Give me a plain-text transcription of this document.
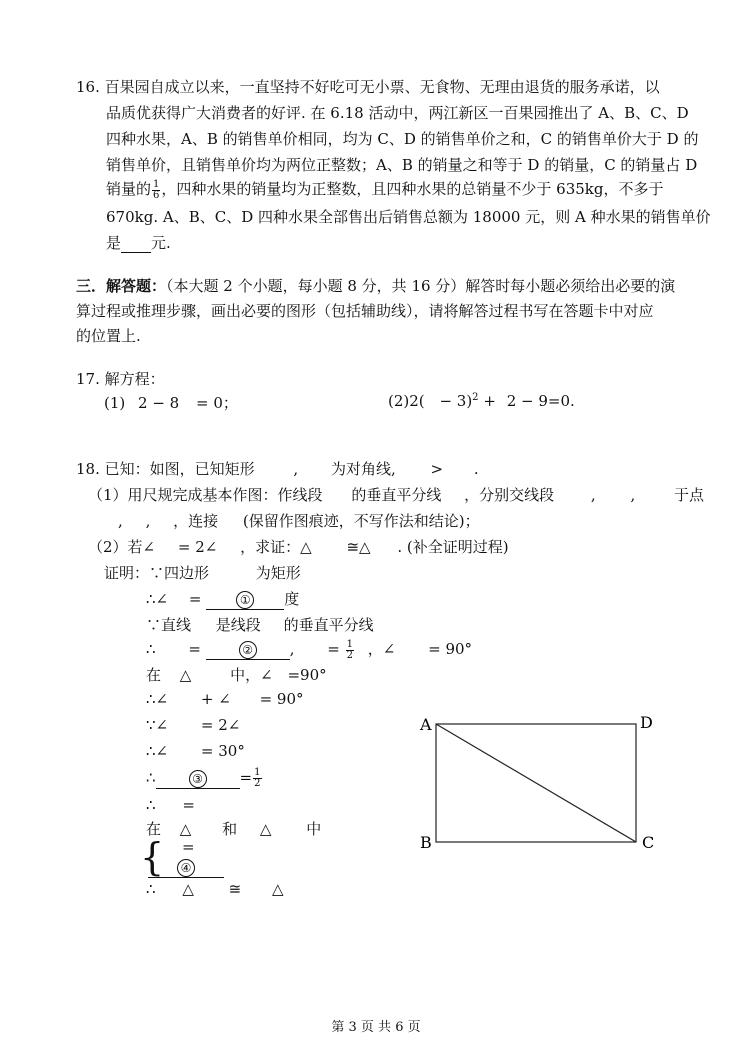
16. 百果园自成立以来，一直坚持不好吃可无小票、无食物、无理由退货的服务承诺，以
品质优获得广大消费者的好评. 在 6.18 活动中，两江新区一百果园推出了 A、B、C、D
四种水果，A、B 的销售单价相同，均为 C、D 的销售单价之和，C 的销售单价大于 D 的
销售单价，且销售单价均为两位正整数；A、B 的销量之和等于 D 的销量，C 的销量占 D
销量的 $\frac{1}{6}$ ，四种水果的销量均为正整数，且四种水果的总销量不少于 635kg，不多于
670kg. A、B、C、D 四种水果全部售出后销售总额为 18000 元，则 A 种水果的销售单价
是 元.
三．解答题：（本大题 2 个小题，每小题 8 分，共 16 分）解答时每小题必须给出必要的演
算过程或推理步骤，画出必要的图形（包括辅助线），请将解答过程书写在答题卡中对应
的位置上.
17. 解方程：
(1) 2 − 8 = 0；	$(2)2( - 3)^2 + 2 - 9=0$.
18. 已知：如图，已知矩形	, 为对角线, > .
（1）用尺规完成基本作图：作线段 的垂直平分线 ，分别交线段 , ,	于点
, , ，连接 (保留作图痕迹，不写作法和结论)；
（2）若∠ = 2∠ ，求证：△ ≅△ . (补全证明过程)
证明：∵四边形	为矩形
∴∠ =	① 度
∵直线 是线段 的垂直平分线
∴ =	② , = $\frac{1}{2}$ ，∠ = 90°
在 △	中，∠ =90°
∴∠ + ∠ = 90°
∵∠ = 2∠
∴∠ = 30°
∴	③ = $\frac{1}{2}$
∴ =
在 △ 和 △ 中
{ =
④
∴ △ ≅ △
A
B	C
D
第 3 页 共 6 页
